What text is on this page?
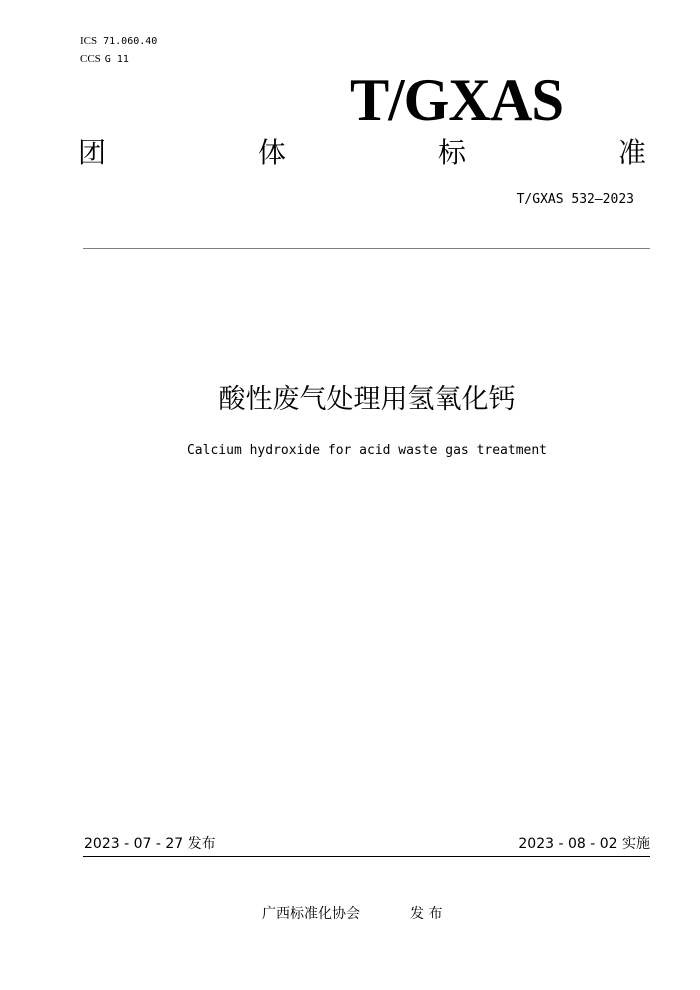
ICS 71.060.40
CCS G 11
T/GXAS
团	体	标	准
T/GXAS 532—2023
酸性废气处理用氢氧化钙
Calcium hydroxide for acid waste gas treatment
2023 - 07 - 27 发布	2023 - 08 - 02 实施
广西标准化协会	发 布
